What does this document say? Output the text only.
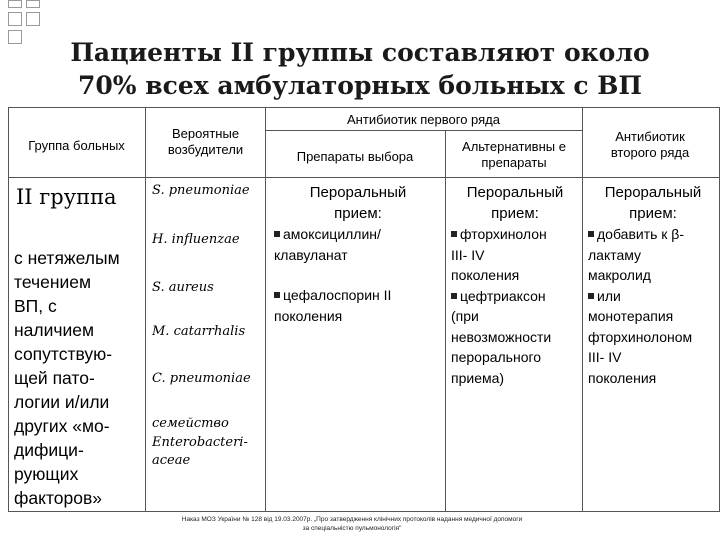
Пациенты II группы составляют около
70% всех амбулаторных больных с ВП
Группа больных
Вероятные возбудители
Антибиотик первого ряда
Препараты выбора
Альтернативны е препараты
Антибиотик второго ряда
II группа
с нетяжелым
течением
ВП, с
наличием
сопутствую-
щей пато-
логии и/или
других «мо-
дифици-
рующих
факторов»
S. pneumoniae
H. influenzae
S. aureus
M. catarrhalis
C. pneumoniae
семейство
Enterobacteri-
aceae
Пероральный
прием:
амоксициллин/
клавуланат
цефалоспорин II
поколения
Пероральный
прием:
фторхинолон
III- IV
поколения
цефтриаксон
(при
невозможности
перорального
приема)
Пероральный
прием:
добавить к β-
лактаму
макролид
или
монотерапия
фторхинолоном
III- IV
поколения
Наказ МОЗ України № 128 від 19.03.2007р. „Про затвердження клінічних протоколів надання медичної допомоги
за спеціальністю пульмонологія"
